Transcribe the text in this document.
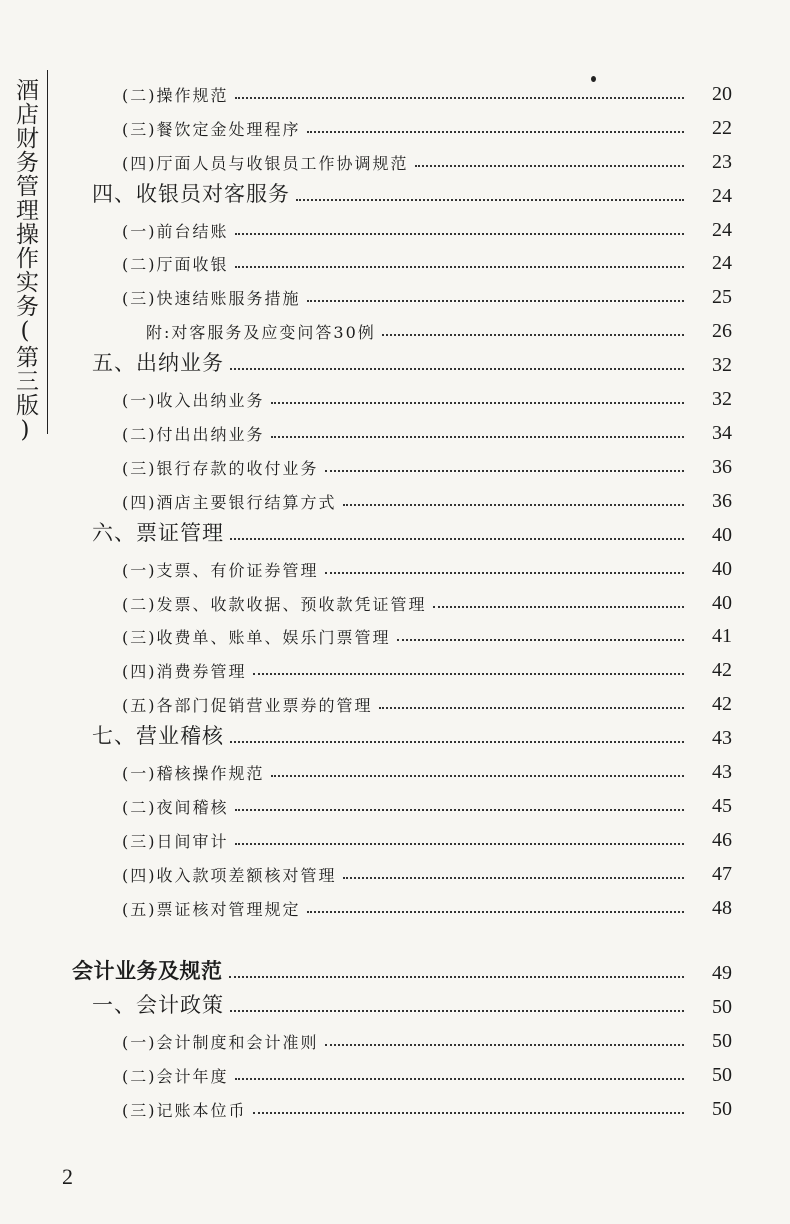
酒店财务管理操作实务(第三版)	(二)操作规范	20
(三)餐饮定金处理程序	22
(四)厅面人员与收银员工作协调规范	23
四、收银员对客服务	24
(一)前台结账	24
(二)厅面收银	24
(三)快速结账服务措施	25
附:对客服务及应变问答30例	26
五、出纳业务	32
(一)收入出纳业务	32
(二)付出出纳业务	34
(三)银行存款的收付业务	36
(四)酒店主要银行结算方式	36
六、票证管理	40
(一)支票、有价证券管理	40
(二)发票、收款收据、预收款凭证管理	40
(三)收费单、账单、娱乐门票管理	41
(四)消费券管理	42
(五)各部门促销营业票券的管理	42
七、营业稽核	43
(一)稽核操作规范	43
(二)夜间稽核	45
(三)日间审计	46
(四)收入款项差额核对管理	47
(五)票证核对管理规定	48
会计业务及规范	49
一、会计政策	50
(一)会计制度和会计准则	50
(二)会计年度	50
(三)记账本位币	50
2
